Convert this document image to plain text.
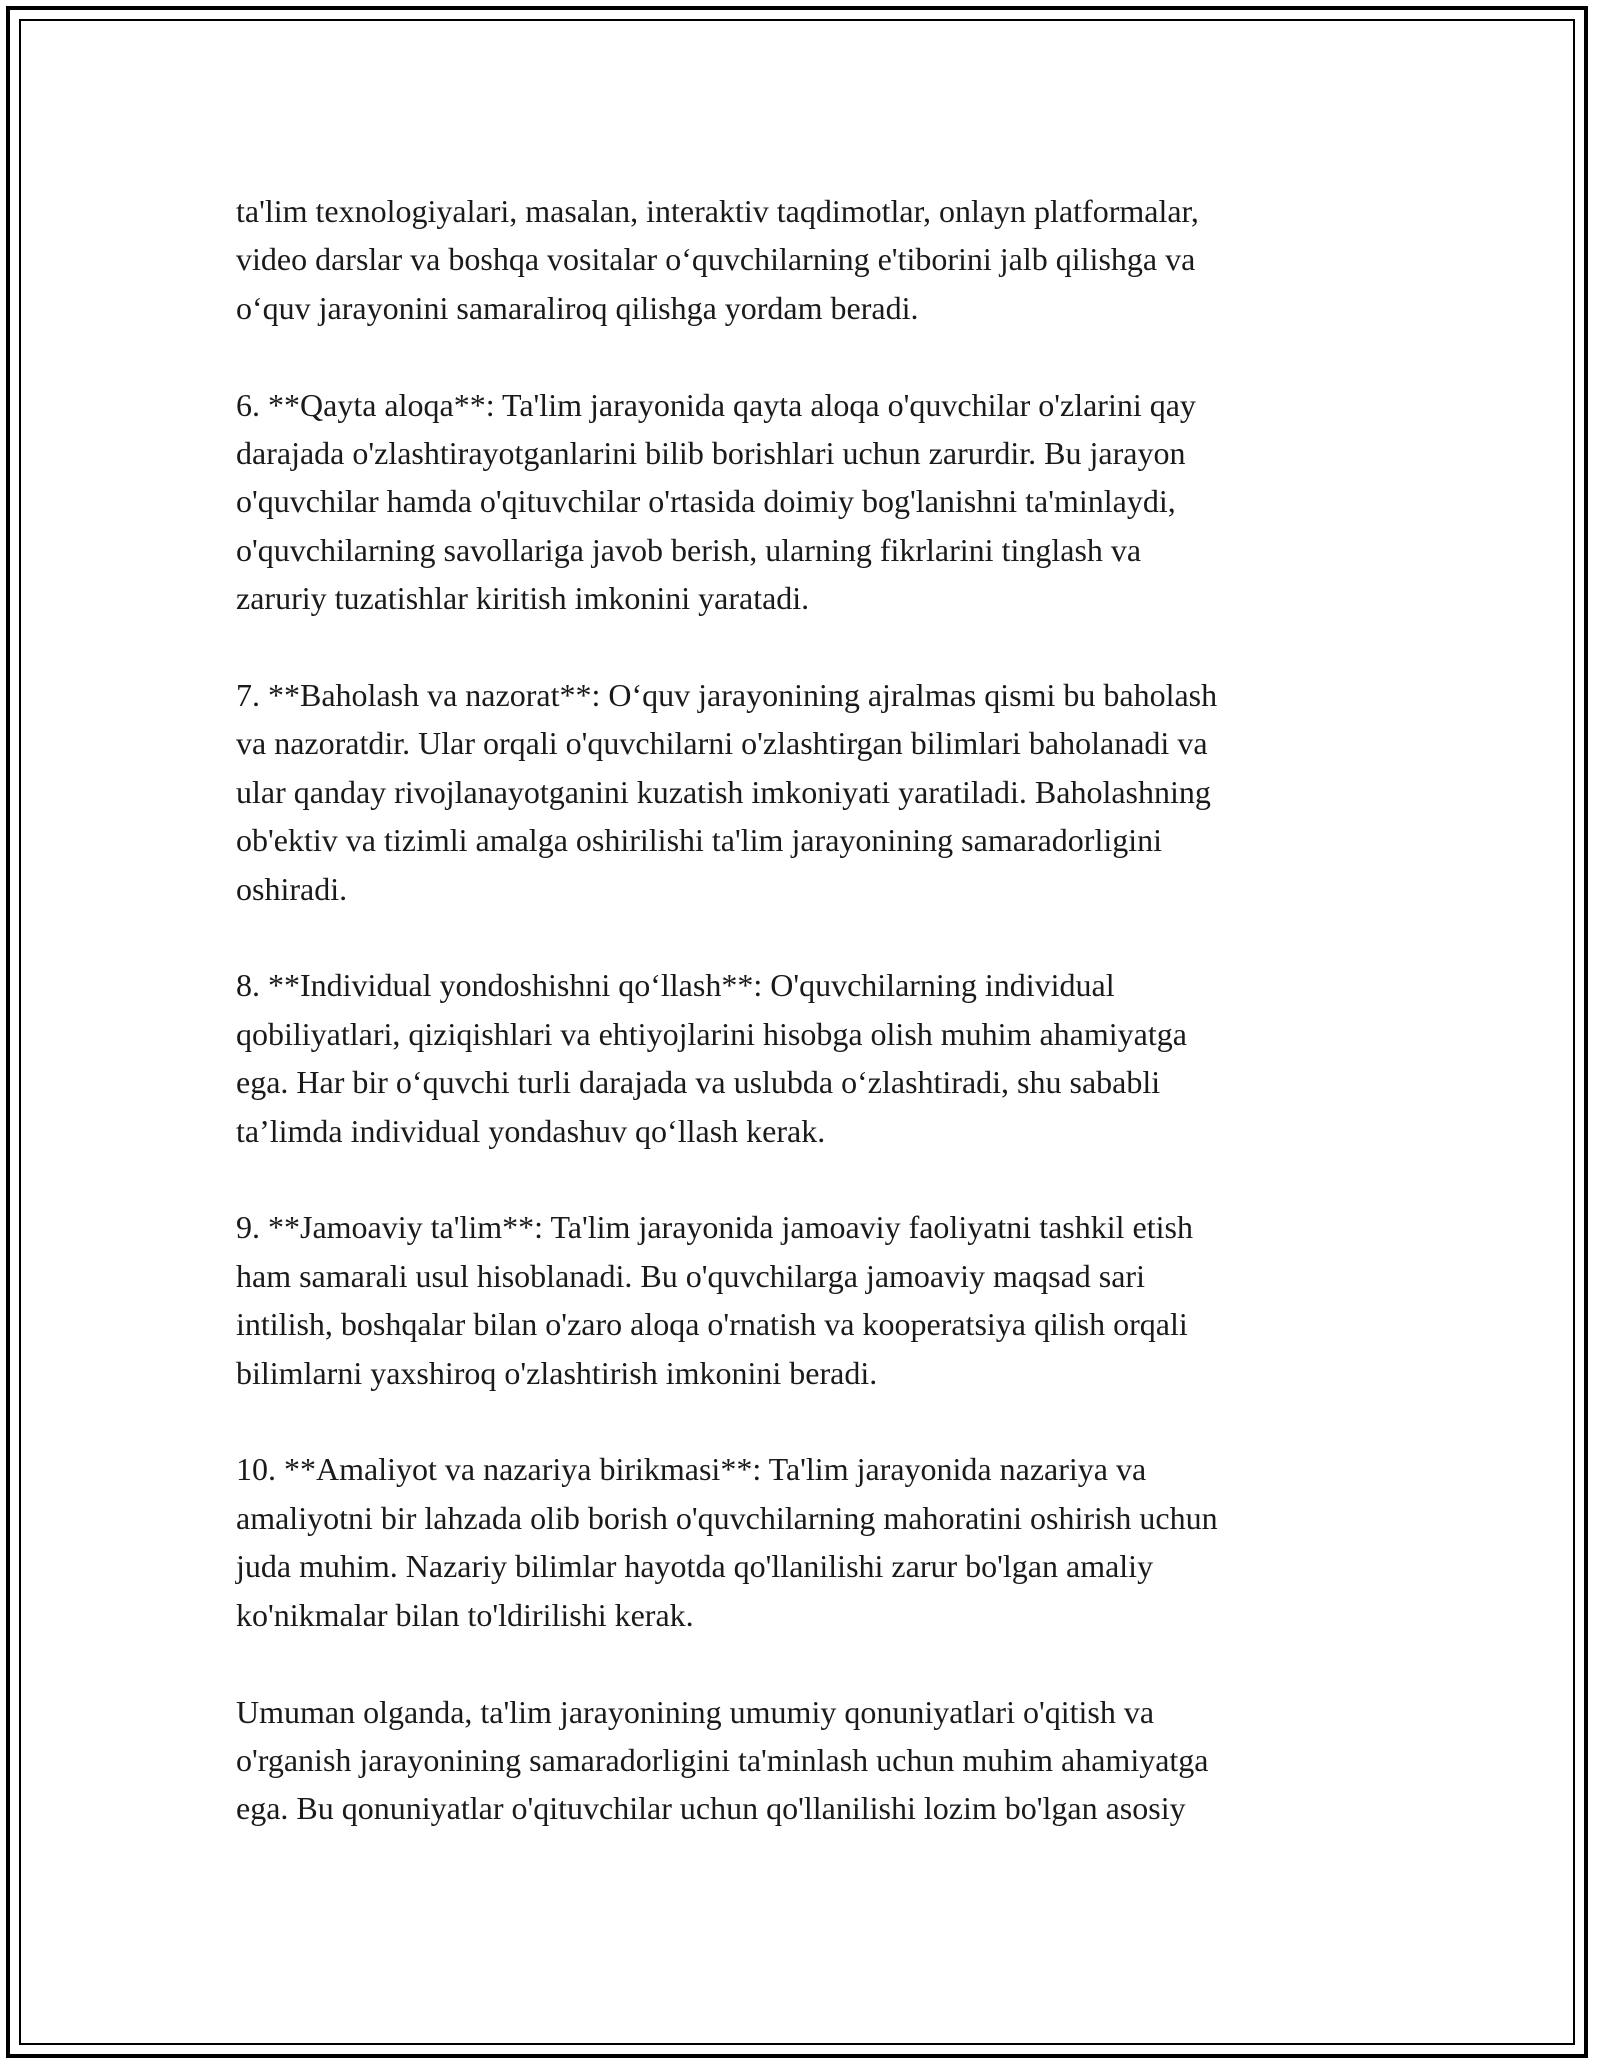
ta'lim texnologiyalari, masalan, interaktiv taqdimotlar, onlayn platformalar,
video darslar va boshqa vositalar o‘quvchilarning e'tiborini jalb qilishga va
o‘quv jarayonini samaraliroq qilishga yordam beradi.

6. **Qayta aloqa**: Ta'lim jarayonida qayta aloqa o'quvchilar o'zlarini qay
darajada o'zlashtirayotganlarini bilib borishlari uchun zarurdir. Bu jarayon
o'quvchilar hamda o'qituvchilar o'rtasida doimiy bog'lanishni ta'minlaydi,
o'quvchilarning savollariga javob berish, ularning fikrlarini tinglash va
zaruriy tuzatishlar kiritish imkonini yaratadi.

7. **Baholash va nazorat**: O‘quv jarayonining ajralmas qismi bu baholash
va nazoratdir. Ular orqali o'quvchilarni o'zlashtirgan bilimlari baholanadi va
ular qanday rivojlanayotganini kuzatish imkoniyati yaratiladi. Baholashning
ob'ektiv va tizimli amalga oshirilishi ta'lim jarayonining samaradorligini
oshiradi.

8. **Individual yondoshishni qo‘llash**: O'quvchilarning individual
qobiliyatlari, qiziqishlari va ehtiyojlarini hisobga olish muhim ahamiyatga
ega. Har bir o‘quvchi turli darajada va uslubda o‘zlashtiradi, shu sababli
ta’limda individual yondashuv qo‘llash kerak.

9. **Jamoaviy ta'lim**: Ta'lim jarayonida jamoaviy faoliyatni tashkil etish
ham samarali usul hisoblanadi. Bu o'quvchilarga jamoaviy maqsad sari
intilish, boshqalar bilan o'zaro aloqa o'rnatish va kooperatsiya qilish orqali
bilimlarni yaxshiroq o'zlashtirish imkonini beradi.

10. **Amaliyot va nazariya birikmasi**: Ta'lim jarayonida nazariya va
amaliyotni bir lahzada olib borish o'quvchilarning mahoratini oshirish uchun
juda muhim. Nazariy bilimlar hayotda qo'llanilishi zarur bo'lgan amaliy
ko'nikmalar bilan to'ldirilishi kerak.

Umuman olganda, ta'lim jarayonining umumiy qonuniyatlari o'qitish va
o'rganish jarayonining samaradorligini ta'minlash uchun muhim ahamiyatga
ega. Bu qonuniyatlar o'qituvchilar uchun qo'llanilishi lozim bo'lgan asosiy
